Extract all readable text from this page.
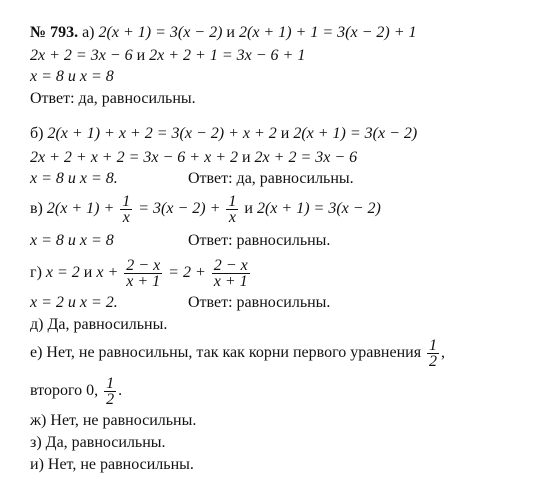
№ 793. а) 2(x + 1) = 3(x − 2) и 2(x + 1) + 1 = 3(x − 2) + 1
2x + 2 = 3x − 6 и 2x + 2 + 1 = 3x − 6 + 1
x = 8 и x = 8
Ответ: да, равносильны.
б) 2(x + 1) + x + 2 = 3(x − 2) + x + 2 и 2(x + 1) = 3(x − 2)
2x + 2 + x + 2 = 3x − 6 + x + 2 и 2x + 2 = 3x − 6
x = 8 и x = 8.	Ответ: да, равносильны.
в) $2(x + 1) + \frac{1}{x} = 3(x - 2) + \frac{1}{x}$ и 2(x + 1) = 3(x − 2)
x = 8 и x = 8	Ответ: равносильны.
г) x = 2 и $x + \frac{2 - x}{x + 1} = 2 + \frac{2 - x}{x + 1}$
x = 2 и x = 2.	Ответ: равносильны.
д) Да, равносильны.
е) Нет, не равносильны, так как корни первого уравнения $\frac{1}{2}$ ,
второго 0, $\frac{1}{2}$ .
ж) Нет, не равносильны.
з) Да, равносильны.
и) Нет, не равносильны.
